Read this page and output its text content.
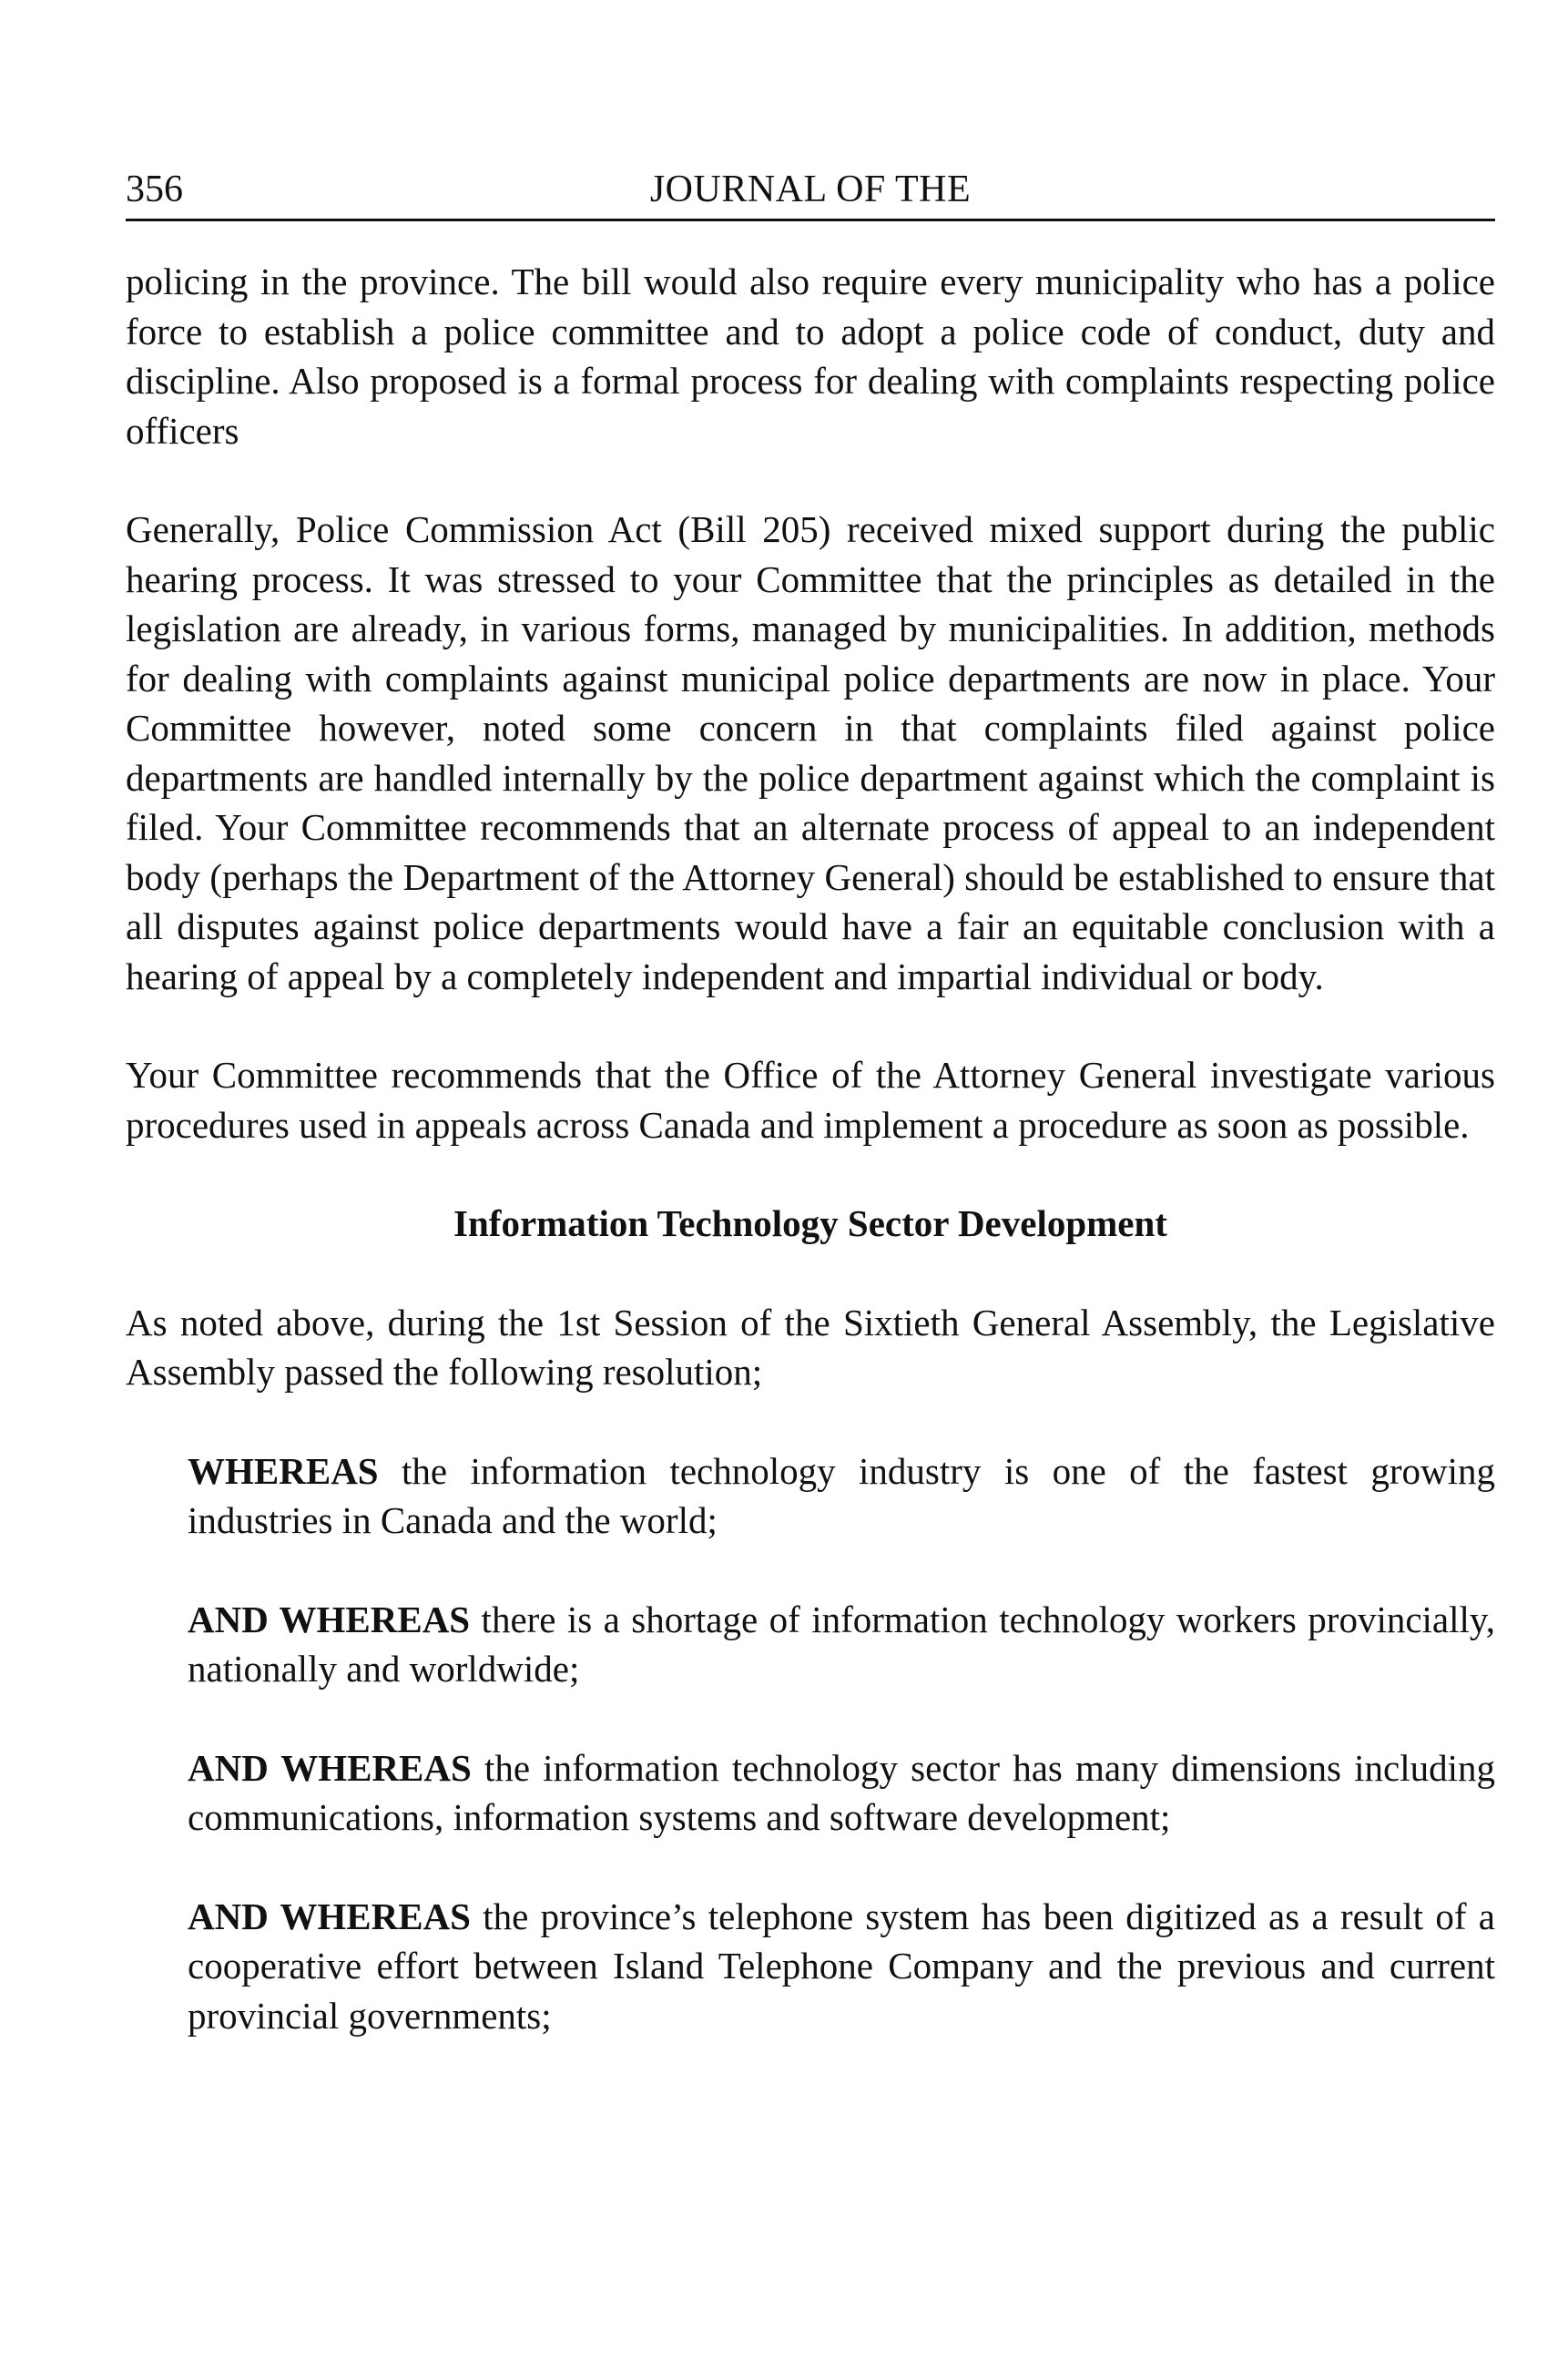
356	JOURNAL OF THE

policing in the province. The bill would also require every municipality who has a police force to establish a police committee and to adopt a police code of conduct, duty and discipline. Also proposed is a formal process for dealing with complaints respecting police officers

Generally, Police Commission Act (Bill 205) received mixed support during the public hearing process. It was stressed to your Committee that the principles as detailed in the legislation are already, in various forms, managed by municipalities. In addition, methods for dealing with complaints against municipal police departments are now in place. Your Committee however, noted some concern in that complaints filed against police departments are handled internally by the police department against which the complaint is filed. Your Committee recommends that an alternate process of appeal to an independent body (perhaps the Department of the Attorney General) should be established to ensure that all disputes against police departments would have a fair an equitable conclusion with a hearing of appeal by a completely independent and impartial individual or body.

Your Committee recommends that the Office of the Attorney General investigate various procedures used in appeals across Canada and implement a procedure as soon as possible.

Information Technology Sector Development

As noted above, during the 1st Session of the Sixtieth General Assembly, the Legislative Assembly passed the following resolution;

WHEREAS the information technology industry is one of the fastest growing industries in Canada and the world;

AND WHEREAS there is a shortage of information technology workers provincially, nationally and worldwide;

AND WHEREAS the information technology sector has many dimensions including communications, information systems and software development;

AND WHEREAS the province’s telephone system has been digitized as a result of a cooperative effort between Island Telephone Company and the previous and current provincial governments;
